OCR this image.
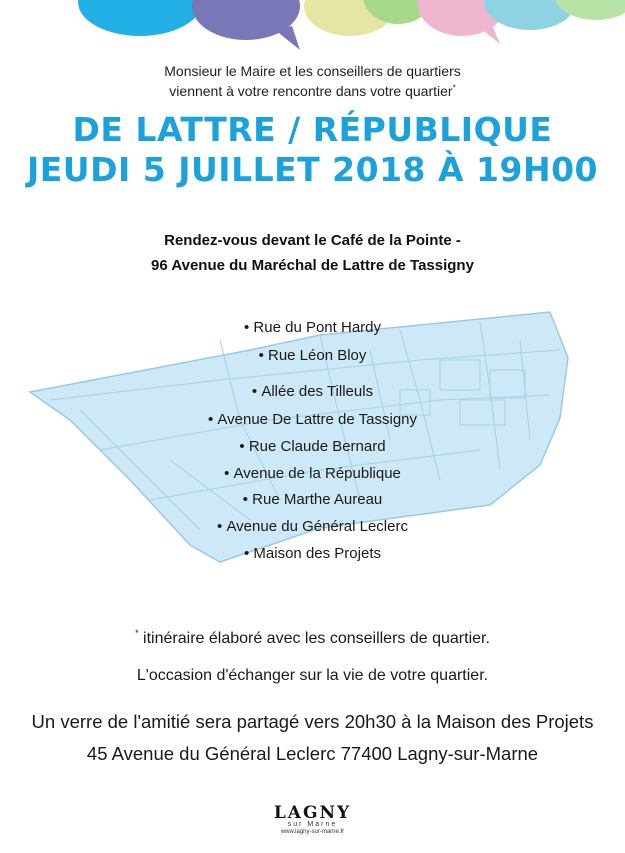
Monsieur le Maire et les conseillers de quartiers
viennent à votre rencontre dans votre quartier*
DE LATTRE / RÉPUBLIQUE
JEUDI 5 JUILLET 2018 À 19H00
Rendez-vous devant le Café de la Pointe -
96 Avenue du Maréchal de Lattre de Tassigny
• Rue du Pont Hardy
• Rue Léon Bloy
• Allée des Tilleuls
• Avenue De Lattre de Tassigny
• Rue Claude Bernard
• Avenue de la République
• Rue Marthe Aureau
• Avenue du Général Leclerc
• Maison des Projets
* itinéraire élaboré avec les conseillers de quartier.
L'occasion d'échanger sur la vie de votre quartier.
Un verre de l'amitié sera partagé vers 20h30 à la Maison des Projets
45 Avenue du Général Leclerc 77400 Lagny-sur-Marne
LAGNY
sur Marne
www.lagny-sur-marne.fr
